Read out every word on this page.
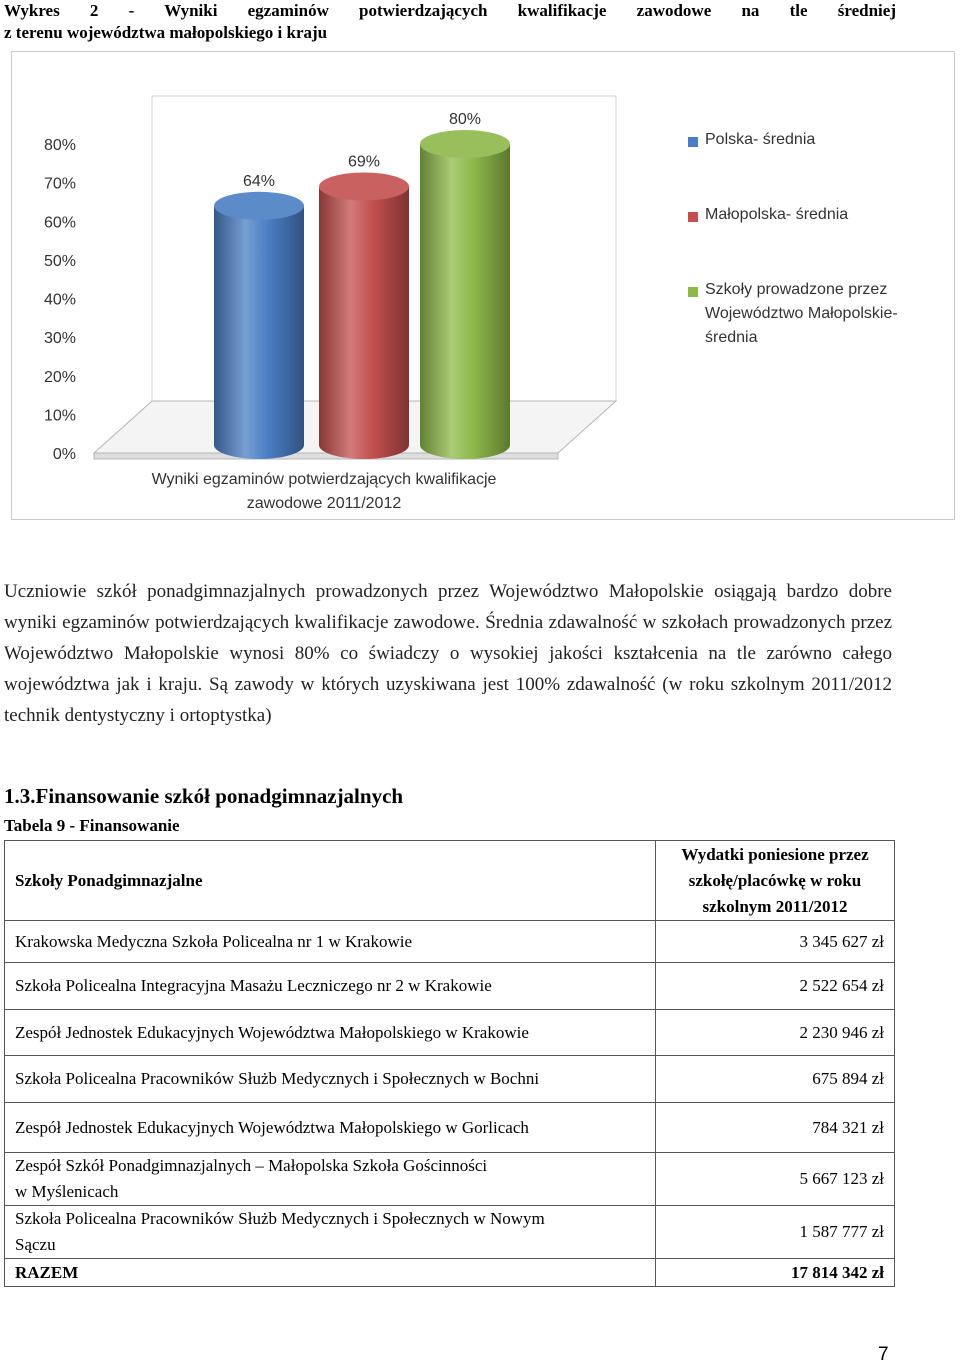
Wykres 2 - Wyniki egzaminów potwierdzających kwalifikacje zawodowe na tle średniej
z terenu województwa małopolskiego i kraju
0%
10%
20%
30%
40%
50%
60%
70%
80%
64%
69%
80%
Wyniki egzaminów potwierdzających kwalifikacje
zawodowe 2011/2012
Polska- średnia
Małopolska- średnia
Szkoły prowadzone przez
Województwo Małopolskie-
średnia
Uczniowie szkół ponadgimnazjalnych prowadzonych przez Województwo Małopolskie osiągają bardzo dobre wyniki egzaminów potwierdzających kwalifikacje zawodowe. Średnia zdawalność w szkołach prowadzonych przez Województwo Małopolskie wynosi 80% co świadczy o wysokiej jakości kształcenia na tle zarówno całego województwa jak i kraju. Są zawody w których uzyskiwana jest 100% zdawalność (w roku szkolnym 2011/2012 technik dentystyczny i ortoptystka)
1.3.Finansowanie szkół ponadgimnazjalnych
Tabela 9 - Finansowanie
Szkoły Ponadgimnazjalne	Wydatki poniesione przez
szkołę/placówkę w roku
szkolnym 2011/2012

Krakowska Medyczna Szkoła Policealna nr 1 w Krakowie	3 345 627 zł

Szkoła Policealna Integracyjna Masażu Leczniczego nr 2 w Krakowie	2 522 654 zł

Zespół Jednostek Edukacyjnych Województwa Małopolskiego w Krakowie	2 230 946 zł

Szkoła Policealna Pracowników Służb Medycznych i Społecznych w Bochni	675 894 zł

Zespół Jednostek Edukacyjnych Województwa Małopolskiego w Gorlicach	784 321 zł

Zespół Szkół Ponadgimnazjalnych – Małopolska Szkoła Gościnności
w Myślenicach	5 667 123 zł

Szkoła Policealna Pracowników Służb Medycznych i Społecznych w Nowym
Sączu	1 587 777 zł
RAZEM	17 814 342 zł
7
